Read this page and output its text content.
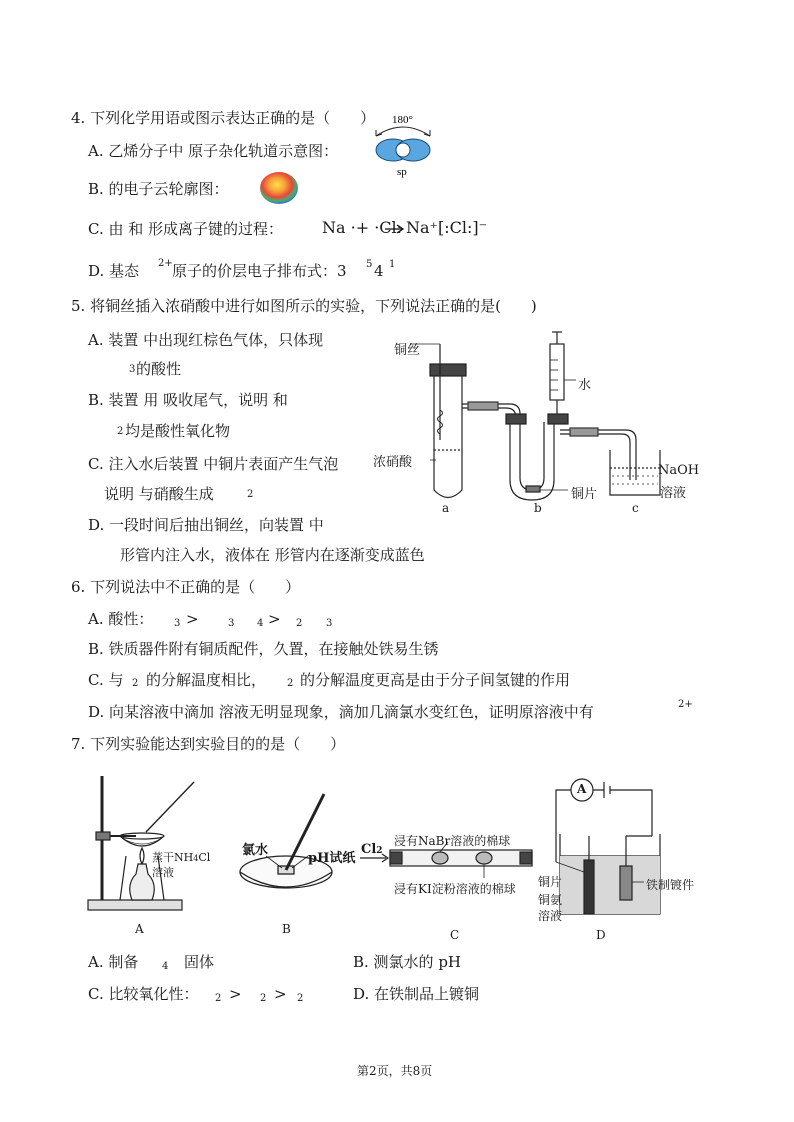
4. 下列化学用语或图示表达正确的是（　　）
A. 乙烯分子中 原子杂化轨道示意图：
180°
sp
B. 的电子云轮廓图：
C. 由 和 形成离子键的过程： Na ·+ ·Cl: Na⁺[:Cl:]⁻
D. 基态 2+ 原子的价层电子排布式：3 5 4 1
5. 将铜丝插入浓硝酸中进行如图所示的实验，下列说法正确的是(　　)
A. 装置 中出现红棕色气体，只体现
3 的酸性
B. 装置 用 吸收尾气，说明 和
2 均是酸性氧化物
C. 注入水后装置 中铜片表面产生气泡
说明 与硝酸生成	2
D. 一段时间后抽出铜丝，向装置 中
形管内注入水，液体在 形管内在逐渐变成蓝色
铜丝
水
浓硝酸
铜片
NaOH
溶液
a	b	c
6. 下列说法中不正确的是（　　）
A. 酸性： 3 >	3 4 > 2 3
B. 铁质器件附有铜质配件，久置，在接触处铁易生锈
C. 与 2 的分解温度相比， 2 的分解温度更高是由于分子间氢键的作用
D. 向某溶液中滴加 溶液无明显现象，滴加几滴氯水变红色，证明原溶液中有	2+
7. 下列实验能达到实验目的的是（　　）
蒸干NH4Cl
溶液
A
氯水
pH试纸
B
Cl2
浸有NaBr溶液的棉球
浸有KI淀粉溶液的棉球
C
A
铜片
铜氨
溶液
铁制镀件
D
A. 制备 4 固体	B. 测氯水的 pH
C. 比较氧化性： 2 > 2 > 2	D. 在铁制品上镀铜
第2页，共8页
